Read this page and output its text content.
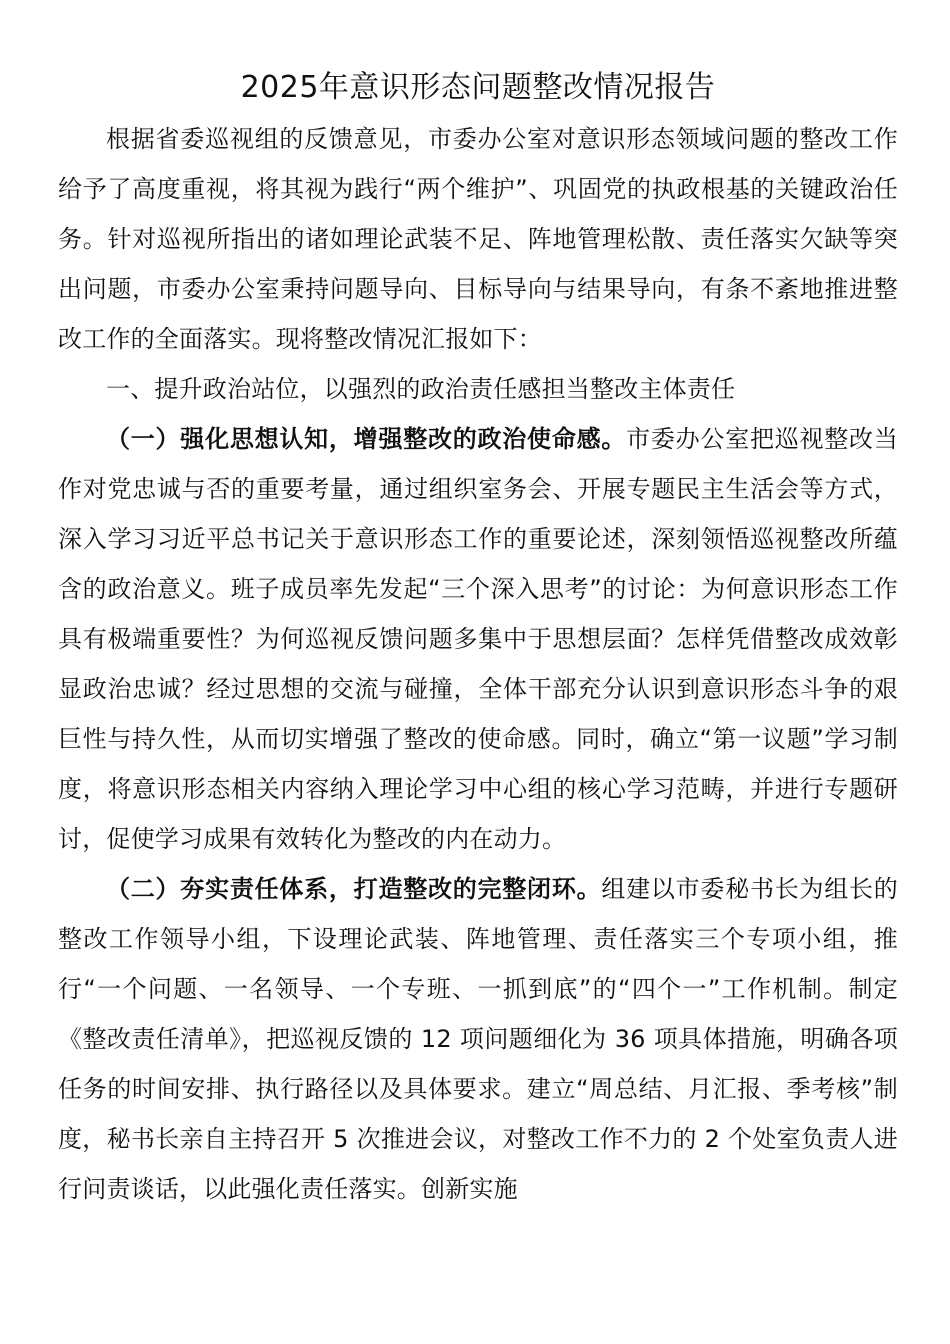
2025年意识形态问题整改情况报告

根据省委巡视组的反馈意见，市委办公室对意识形态领域问题的整改工作给予了高度重视，将其视为践行“两个维护”、巩固党的执政根基的关键政治任务。针对巡视所指出的诸如理论武装不足、阵地管理松散、责任落实欠缺等突出问题，市委办公室秉持问题导向、目标导向与结果导向，有条不紊地推进整改工作的全面落实。现将整改情况汇报如下：

一、提升政治站位，以强烈的政治责任感担当整改主体责任

（一）强化思想认知，增强整改的政治使命感。市委办公室把巡视整改当作对党忠诚与否的重要考量，通过组织室务会、开展专题民主生活会等方式，深入学习习近平总书记关于意识形态工作的重要论述，深刻领悟巡视整改所蕴含的政治意义。班子成员率先发起“三个深入思考”的讨论：为何意识形态工作具有极端重要性？为何巡视反馈问题多集中于思想层面？怎样凭借整改成效彰显政治忠诚？经过思想的交流与碰撞，全体干部充分认识到意识形态斗争的艰巨性与持久性，从而切实增强了整改的使命感。同时，确立“第一议题”学习制度，将意识形态相关内容纳入理论学习中心组的核心学习范畴，并进行专题研讨，促使学习成果有效转化为整改的内在动力。

（二）夯实责任体系，打造整改的完整闭环。组建以市委秘书长为组长的整改工作领导小组，下设理论武装、阵地管理、责任落实三个专项小组，推行“一个问题、一名领导、一个专班、一抓到底”的“四个一”工作机制。制定《整改责任清单》，把巡视反馈的 12 项问题细化为 36 项具体措施，明确各项任务的时间安排、执行路径以及具体要求。建立“周总结、月汇报、季考核”制度，秘书长亲自主持召开 5 次推进会议，对整改工作不力的 2 个处室负责人进行问责谈话，以此强化责任落实。创新实施
